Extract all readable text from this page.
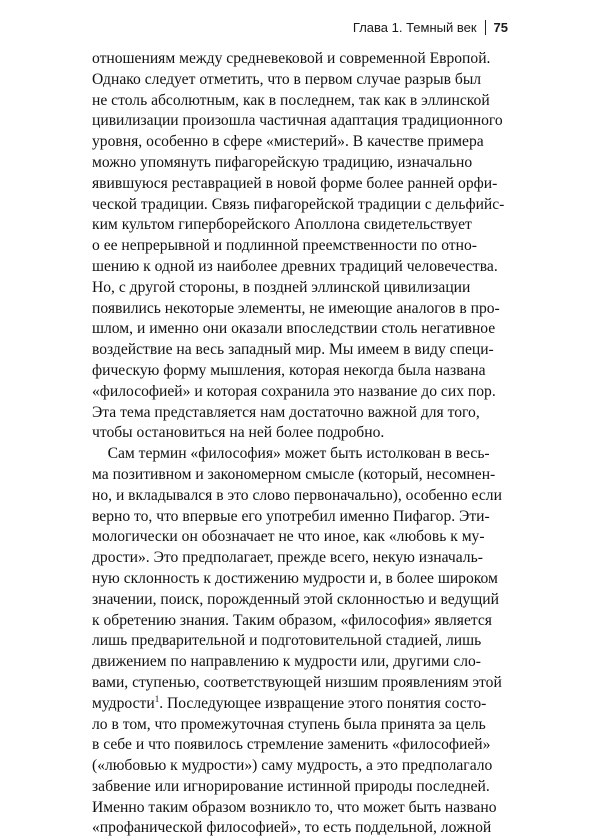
Глава 1. Темный век 75
отношениям между средневековой и современной Европой.
Однако следует отметить, что в первом случае разрыв был
не столь абсолютным, как в последнем, так как в эллинской
цивилизации произошла частичная адаптация традиционного
уровня, особенно в сфере «мистерий». В качестве примера
можно упомянуть пифагорейскую традицию, изначально
явившуюся реставрацией в новой форме более ранней орфи-
ческой традиции. Связь пифагорейской традиции с дельфийс-
ким культом гиперборейского Аполлона свидетельствует
о ее непрерывной и подлинной преемственности по отно-
шению к одной из наиболее древних традиций человечества.
Но, с другой стороны, в поздней эллинской цивилизации
появились некоторые элементы, не имеющие аналогов в про-
шлом, и именно они оказали впоследствии столь негативное
воздействие на весь западный мир. Мы имеем в виду специ-
фическую форму мышления, которая некогда была названа
«философией» и которая сохранила это название до сих пор.
Эта тема представляется нам достаточно важной для того,
чтобы остановиться на ней более подробно.
Сам термин «философия» может быть истолкован в весь-
ма позитивном и закономерном смысле (который, несомнен-
но, и вкладывался в это слово первоначально), особенно если
верно то, что впервые его употребил именно Пифагор. Эти-
мологически он обозначает не что иное, как «любовь к му-
дрости». Это предполагает, прежде всего, некую изначаль-
ную склонность к достижению мудрости и, в более широком
значении, поиск, порожденный этой склонностью и ведущий
к обретению знания. Таким образом, «философия» является
лишь предварительной и подготовительной стадией, лишь
движением по направлению к мудрости или, другими сло-
вами, ступенью, соответствующей низшим проявлениям этой
мудрости$^1$. Последующее извращение этого понятия состо-
ло в том, что промежуточная ступень была принята за цель
в себе и что появилось стремление заменить «философией»
(«любовью к мудрости») саму мудрость, а это предполагало
забвение или игнорирование истинной природы последней.
Именно таким образом возникло то, что может быть названо
«профанической философией», то есть поддельной, ложной
